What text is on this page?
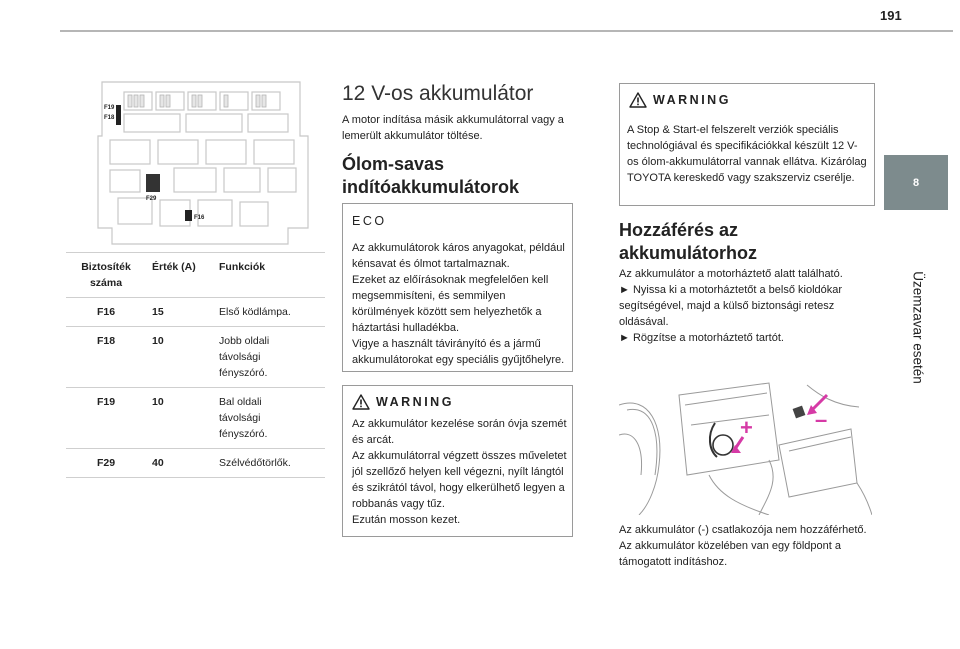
191
8
Üzemzavar esetén
F19
F18
F29
F16
Biztosíték száma	Érték (A)	Funkciók
F16	15	Első ködlámpa.
F18	10	Jobb oldali távolsági fényszóró.
F19	10	Bal oldali távolsági fényszóró.
F29	40	Szélvédőtörlők.
12 V-os akkumulátor
A motor indítása másik akkumulátorral vagy a lemerült akkumulátor töltése.
Ólom-savas indítóakkumulátorok
ECO
Az akkumulátorok káros anyagokat, például kénsavat és ólmot tartalmaznak.
Ezeket az előírásoknak megfelelően kell megsemmisíteni, és semmilyen körülmények között sem helyezhetők a háztartási hulladékba.
Vigye a használt távirányító és a jármű akkumulátorokat egy speciális gyűjtőhelyre.
WARNING
Az akkumulátor kezelése során óvja szemét és arcát.
Az akkumulátorral végzett összes műveletet jól szellőző helyen kell végezni, nyílt lángtól és szikrától távol, hogy elkerülhető legyen a robbanás vagy tűz.
Ezután mosson kezet.
WARNING
A Stop & Start-el felszerelt verziók speciális technológiával és specifikációkkal készült 12 V-os ólom-akkumulátorral vannak ellátva. Kizárólag TOYOTA kereskedő vagy szakszerviz cserélje.
Hozzáférés az akkumulátorhoz
Az akkumulátor a motorháztető alatt található.
► Nyissa ki a motorháztetőt a belső kioldókar segítségével, majd a külső biztonsági retesz oldásával.
► Rögzítse a motorháztető tartót.
+	–
Az akkumulátor (-) csatlakozója nem hozzáférhető.
Az akkumulátor közelében van egy földpont a támogatott indításhoz.
